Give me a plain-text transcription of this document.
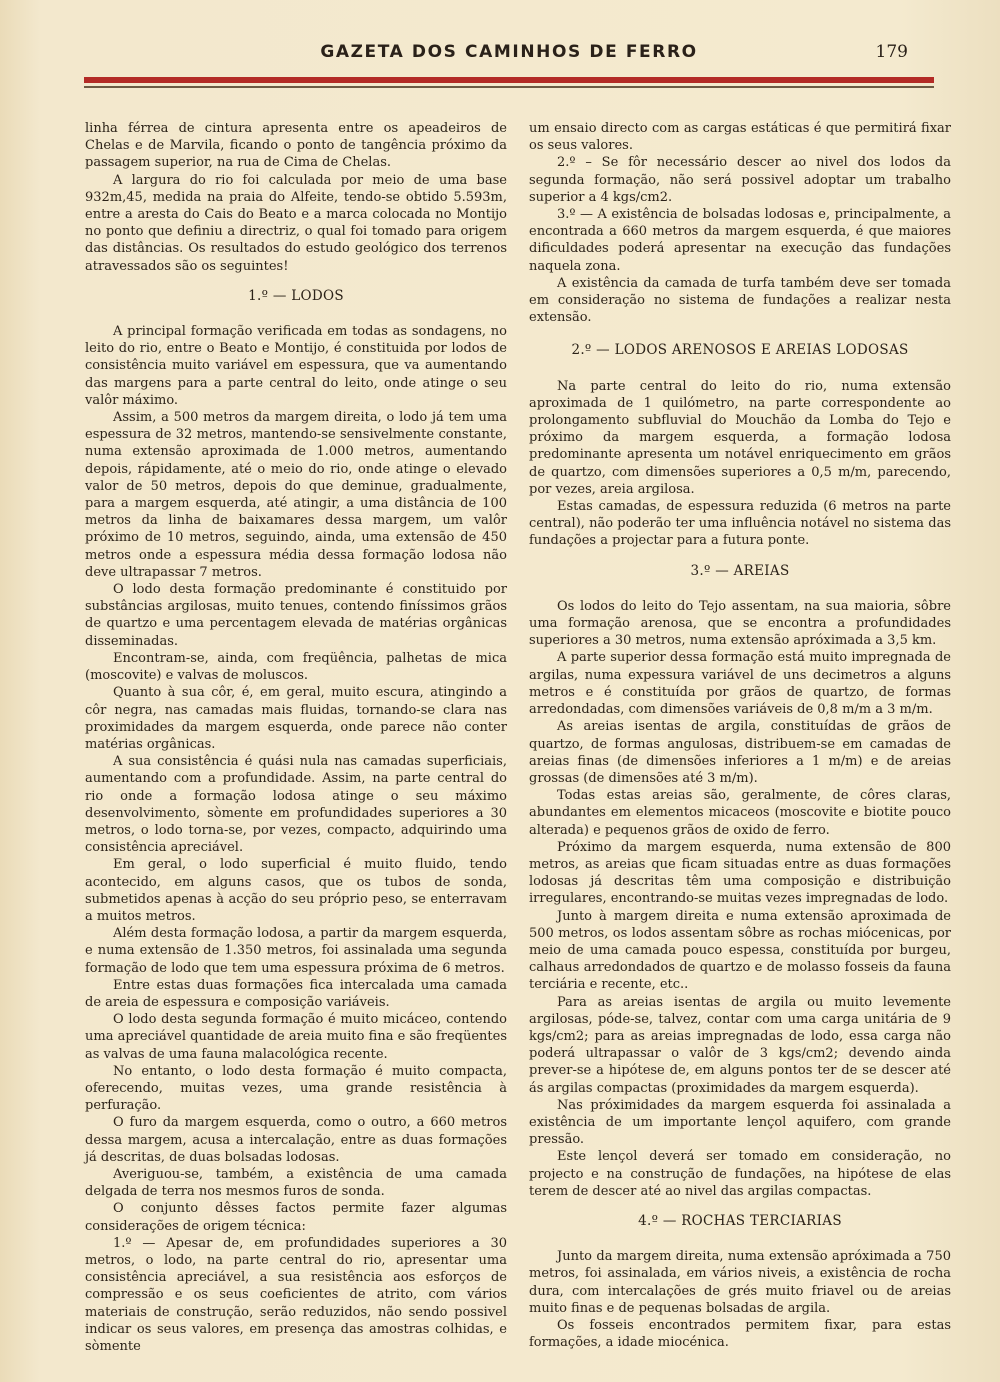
GAZETA DOS CAMINHOS DE FERRO	179

linha férrea de cintura apresenta entre os apeadeiros de Chelas e de Marvila, ficando o ponto de tangência próximo da passagem superior, na rua de Cima de Chelas.

A largura do rio foi calculada por meio de uma base 932m,45, medida na praia do Alfeite, tendo-se obtido 5.593m, entre a aresta do Cais do Beato e a marca colocada no Montijo no ponto que definiu a directriz, o qual foi tomado para origem das distâncias. Os resultados do estudo geológico dos terrenos atravessados são os seguintes!

1.º — LODOS

A principal formação verificada em todas as sondagens, no leito do rio, entre o Beato e Montijo, é constituida por lodos de consistência muito variável em espessura, que va aumentando das margens para a parte central do leito, onde atinge o seu valôr máximo.

Assim, a 500 metros da margem direita, o lodo já tem uma espessura de 32 metros, mantendo-se sensivelmente constante, numa extensão aproximada de 1.000 metros, aumentando depois, rápidamente, até o meio do rio, onde atinge o elevado valor de 50 metros, depois do que deminue, gradualmente, para a margem esquerda, até atingir, a uma distância de 100 metros da linha de baixamares dessa margem, um valôr próximo de 10 metros, seguindo, ainda, uma extensão de 450 metros onde a espessura média dessa formação lodosa não deve ultrapassar 7 metros.

O lodo desta formação predominante é constituido por substâncias argilosas, muito tenues, contendo finíssimos grãos de quartzo e uma percentagem elevada de matérias orgânicas disseminadas.

Encontram-se, ainda, com freqüência, palhetas de mica (moscovite) e valvas de moluscos.

Quanto à sua côr, é, em geral, muito escura, atingindo a côr negra, nas camadas mais fluidas, tornando-se clara nas proximidades da margem esquerda, onde parece não conter matérias orgânicas.

A sua consistência é quási nula nas camadas superficiais, aumentando com a profundidade. Assim, na parte central do rio onde a formação lodosa atinge o seu máximo desenvolvimento, sòmente em profundidades superiores a 30 metros, o lodo torna-se, por vezes, compacto, adquirindo uma consistência apreciável.

Em geral, o lodo superficial é muito fluido, tendo acontecido, em alguns casos, que os tubos de sonda, submetidos apenas à acção do seu próprio peso, se enterravam a muitos metros.

Além desta formação lodosa, a partir da margem esquerda, e numa extensão de 1.350 metros, foi assinalada uma segunda formação de lodo que tem uma espessura próxima de 6 metros.

Entre estas duas formações fica intercalada uma camada de areia de espessura e composição variáveis.

O lodo desta segunda formação é muito micáceo, contendo uma apreciável quantidade de areia muito fina e são freqüentes as valvas de uma fauna malacológica recente.

No entanto, o lodo desta formação é muito compacta, oferecendo, muitas vezes, uma grande resistência à perfuração.

O furo da margem esquerda, como o outro, a 660 metros dessa margem, acusa a intercalação, entre as duas formações já descritas, de duas bolsadas lodosas.

Averiguou-se, também, a existência de uma camada delgada de terra nos mesmos furos de sonda.

O conjunto dêsses factos permite fazer algumas considerações de origem técnica:

1.º — Apesar de, em profundidades superiores a 30 metros, o lodo, na parte central do rio, apresentar uma consistência apreciável, a sua resistência aos esforços de compressão e os seus coeficientes de atrito, com vários materiais de construção, serão reduzidos, não sendo possivel indicar os seus valores, em presença das amostras colhidas, e sòmente

um ensaio directo com as cargas estáticas é que permitirá fixar os seus valores.

2.º – Se fôr necessário descer ao nivel dos lodos da segunda formação, não será possivel adoptar um trabalho superior a 4 kgs/cm2.

3.º — A existência de bolsadas lodosas e, principalmente, a encontrada a 660 metros da margem esquerda, é que maiores dificuldades poderá apresentar na execução das fundações naquela zona.

A existência da camada de turfa também deve ser tomada em consideração no sistema de fundações a realizar nesta extensão.

2.º — LODOS ARENOSOS E AREIAS LODOSAS

Na parte central do leito do rio, numa extensão aproximada de 1 quilómetro, na parte correspondente ao prolongamento subfluvial do Mouchão da Lomba do Tejo e próximo da margem esquerda, a formação lodosa predominante apresenta um notável enriquecimento em grãos de quartzo, com dimensões superiores a 0,5 m/m, parecendo, por vezes, areia argilosa.

Estas camadas, de espessura reduzida (6 metros na parte central), não poderão ter uma influência notável no sistema das fundações a projectar para a futura ponte.

3.º — AREIAS

Os lodos do leito do Tejo assentam, na sua maioria, sôbre uma formação arenosa, que se encontra a profundidades superiores a 30 metros, numa extensão apróximada a 3,5 km.

A parte superior dessa formação está muito impregnada de argilas, numa expessura variável de uns decimetros a alguns metros e é constituída por grãos de quartzo, de formas arredondadas, com dimensões variáveis de 0,8 m/m a 3 m/m.

As areias isentas de argila, constituídas de grãos de quartzo, de formas angulosas, distribuem-se em camadas de areias finas (de dimensões inferiores a 1 m/m) e de areias grossas (de dimensões até 3 m/m).

Todas estas areias são, geralmente, de côres claras, abundantes em elementos micaceos (moscovite e biotite pouco alterada) e pequenos grãos de oxido de ferro.

Próximo da margem esquerda, numa extensão de 800 metros, as areias que ficam situadas entre as duas formações lodosas já descritas têm uma composição e distribuição irregulares, encontrando-se muitas vezes impregnadas de lodo.

Junto à margem direita e numa extensão aproximada de 500 metros, os lodos assentam sôbre as rochas miócenicas, por meio de uma camada pouco espessa, constituída por burgeu, calhaus arredondados de quartzo e de molasso fosseis da fauna terciária e recente, etc..

Para as areias isentas de argila ou muito levemente argilosas, póde-se, talvez, contar com uma carga unitária de 9 kgs/cm2; para as areias impregnadas de lodo, essa carga não poderá ultrapassar o valôr de 3 kgs/cm2; devendo ainda prever-se a hipótese de, em alguns pontos ter de se descer até ás argilas compactas (proximidades da margem esquerda).

Nas próximidades da margem esquerda foi assinalada a existência de um importante lençol aquifero, com grande pressão.

Este lençol deverá ser tomado em consideração, no projecto e na construção de fundações, na hipótese de elas terem de descer até ao nivel das argilas compactas.

4.º — ROCHAS TERCIARIAS

Junto da margem direita, numa extensão apróximada a 750 metros, foi assinalada, em vários niveis, a existência de rocha dura, com intercalações de grés muito friavel ou de areias muito finas e de pequenas bolsadas de argila.

Os fosseis encontrados permitem fixar, para estas formações, a idade miocénica.
